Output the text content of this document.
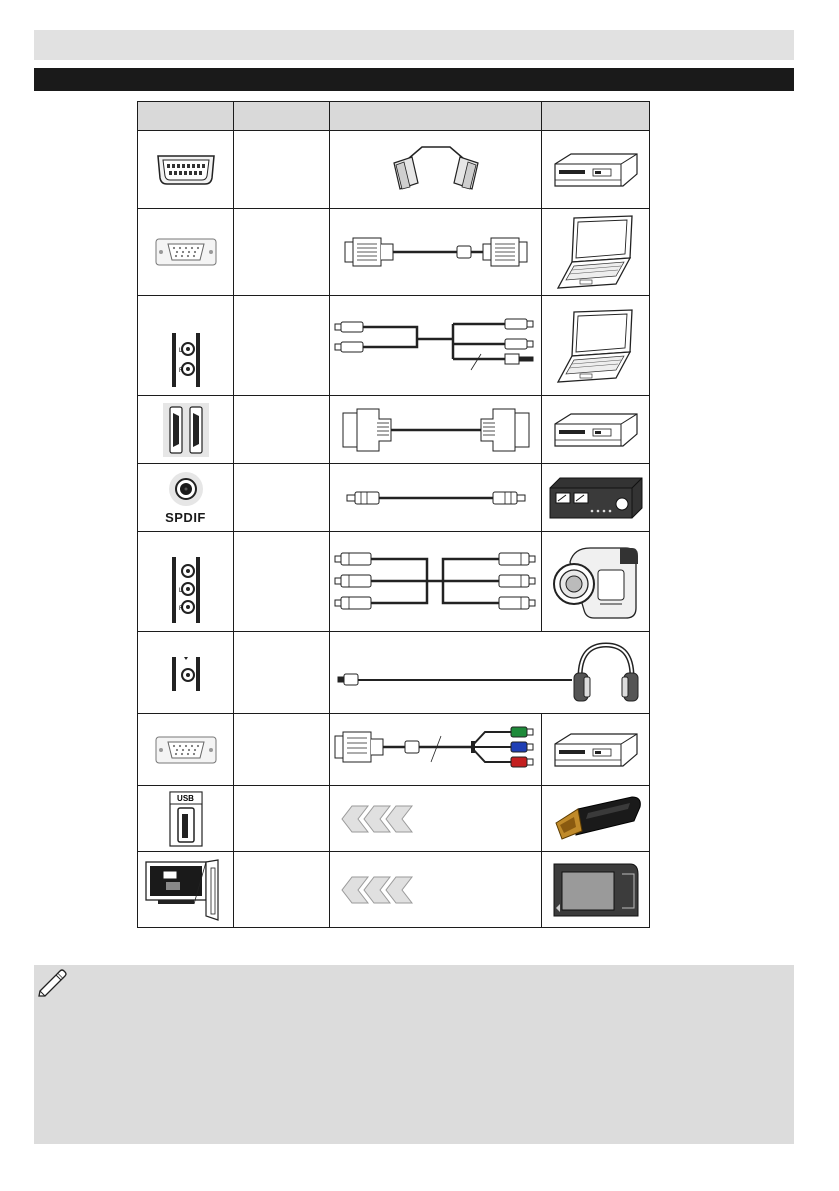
L
R

SPDIF

L
R
